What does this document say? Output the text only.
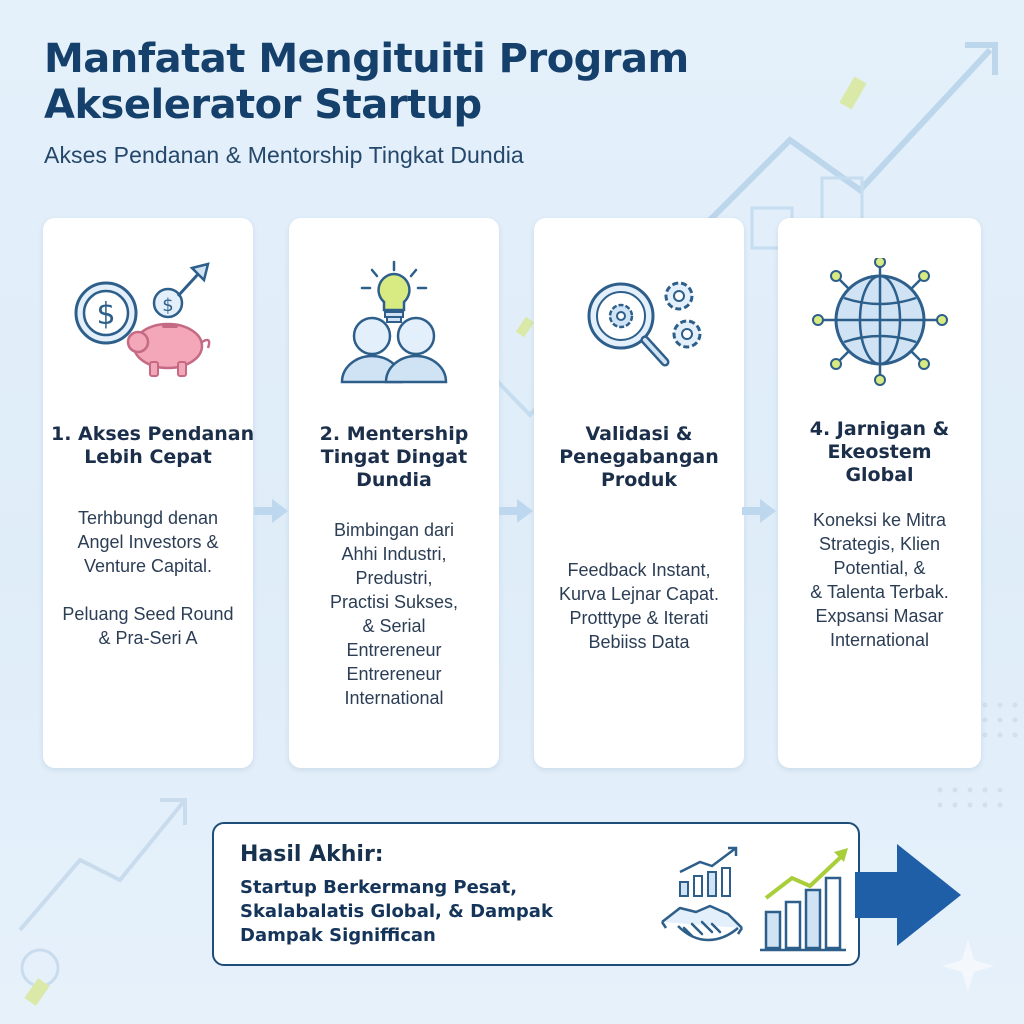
Manfatat Mengituiti Program
Akselerator Startup
Akses Pendanan & Mentorship Tingkat Dundia
$	$
1. Akses Pendanan
Lebih Cepat
Terhbungd denan
Angel Investors &
Venture Capital.
Peluang Seed Round
& Pra-Seri A
2. Mentership
Tingat Dingat
Dundia
Bimbingan dari
Ahhi Industri,
Predustri,
Practisi Sukses,
& Serial
Entrereneur
Entrereneur
International
Validasi &
Penegabangan
Produk
Feedback Instant,
Kurva Lejnar Capat.
Protttype & Iterati
Bebiiss Data
4. Jarnigan &
Ekeostem
Global
Koneksi ke Mitra
Strategis, Klien
Potential, &
& Talenta Terbak.
Expsansi Masar
International
Hasil Akhir:
Startup Berkermang Pesat,
Skalabalatis Global, & Dampak
Dampak Signiffican
